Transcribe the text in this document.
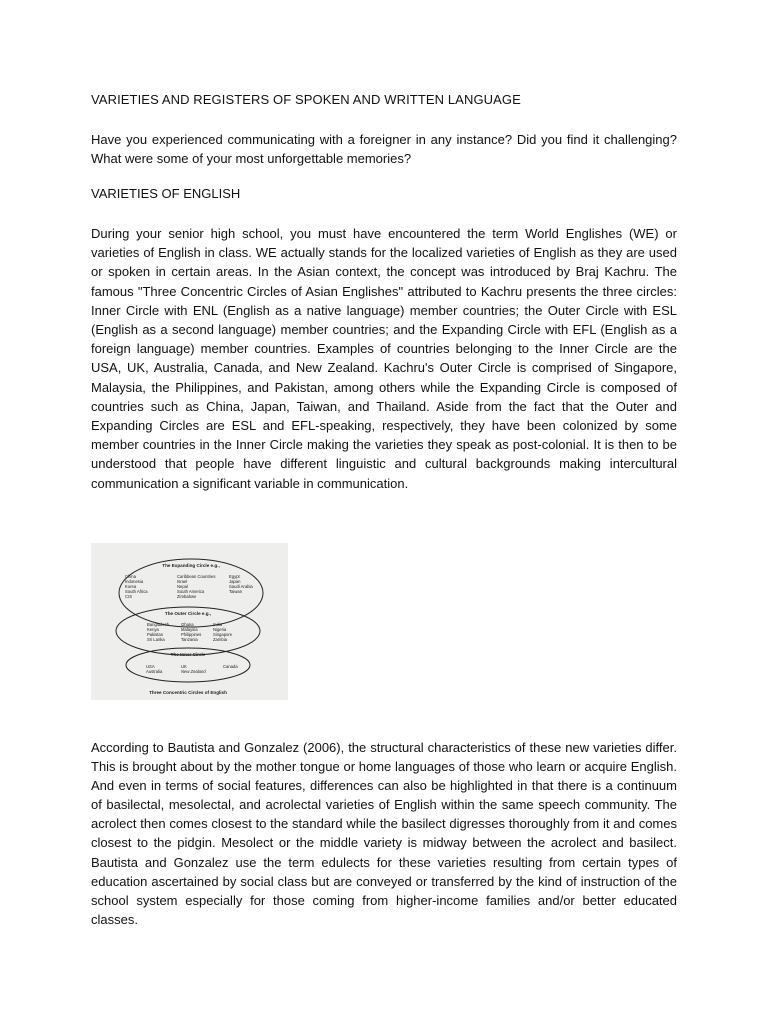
VARIETIES AND REGISTERS OF SPOKEN AND WRITTEN LANGUAGE

Have you experienced communicating with a foreigner in any instance? Did you find it challenging? What were some of your most unforgettable memories?

VARIETIES OF ENGLISH

During your senior high school, you must have encountered the term World Englishes (WE) or varieties of English in class. WE actually stands for the localized varieties of English as they are used or spoken in certain areas. In the Asian context, the concept was introduced by Braj Kachru. The famous "Three Concentric Circles of Asian Englishes" attributed to Kachru presents the three circles: Inner Circle with ENL (English as a native language) member countries; the Outer Circle with ESL (English as a second language) member countries; and the Expanding Circle with EFL (English as a foreign language) member countries. Examples of countries belonging to the Inner Circle are the USA, UK, Australia, Canada, and New Zealand. Kachru's Outer Circle is comprised of Singapore, Malaysia, the Philippines, and Pakistan, among others while the Expanding Circle is composed of countries such as China, Japan, Taiwan, and Thailand. Aside from the fact that the Outer and Expanding Circles are ESL and EFL-speaking, respectively, they have been colonized by some member countries in the Inner Circle making the varieties they speak as post-colonial. It is then to be understood that people have different linguistic and cultural backgrounds making intercultural communication a significant variable in communication.

According to Bautista and Gonzalez (2006), the structural characteristics of these new varieties differ. This is brought about by the mother tongue or home languages of those who learn or acquire English. And even in terms of social features, differences can also be highlighted in that there is a continuum of basilectal, mesolectal, and acrolectal varieties of English within the same speech community. The acrolect then comes closest to the standard while the basilect digresses thoroughly from it and comes closest to the pidgin. Mesolect or the middle variety is midway between the acrolect and basilect. Bautista and Gonzalez use the term edulects for these varieties resulting from certain types of education ascertained by social class but are conveyed or transferred by the kind of instruction of the school system especially for those coming from higher-income families and/or better educated classes.

The Expanding Circle e.g.,
China
Indonesia
Korea
South Africa
CIS
Caribbean Countries
Israel
Nepal
South America
Zimbabwe
Egypt
Japan
Saudi Arabia
Taiwan
The Outer Circle e.g.,
Bangladesh
Kenya
Pakistan
Sri Lanka
Ghana
Malaysia
Philippines
Tanzania
India
Nigeria
Singapore
Zambia
The Inner Circle
USA
Australia
UK
New Zealand
Canada
Three Concentric Circles of English
